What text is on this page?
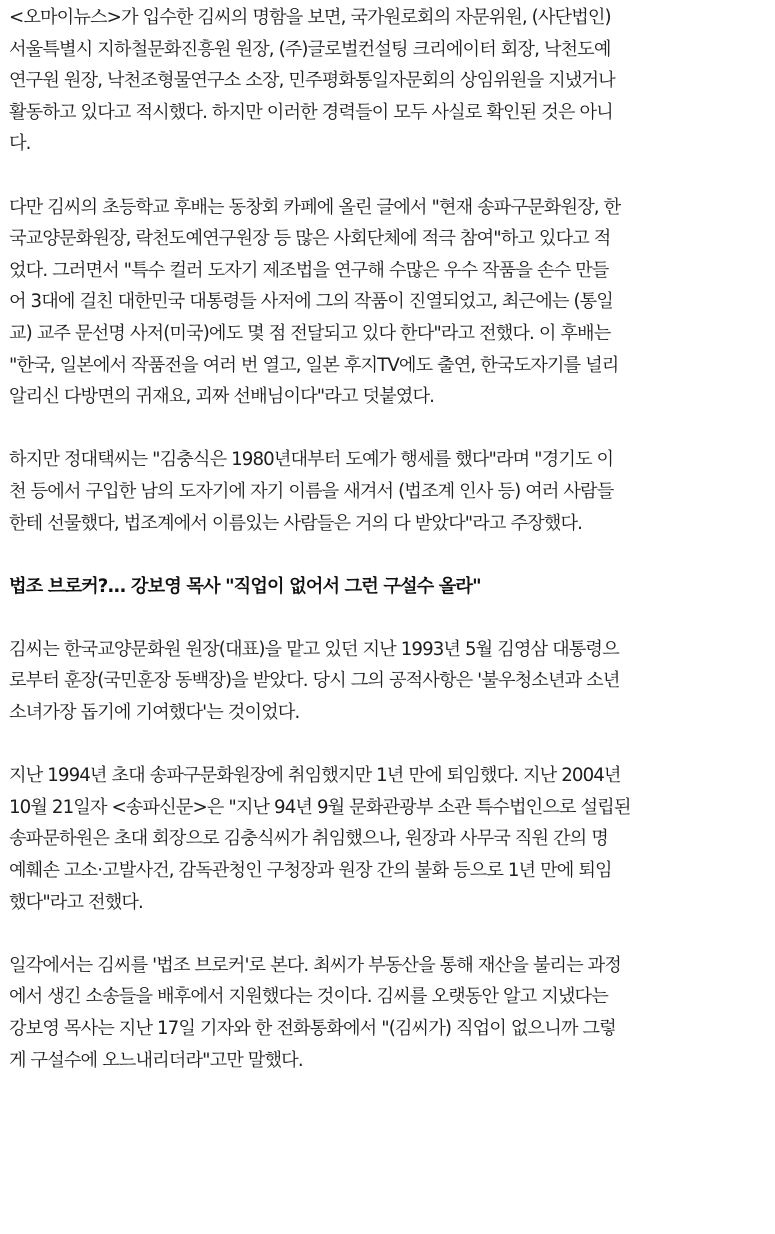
<오마이뉴스>가 입수한 김씨의 명함을 보면, 국가원로회의 자문위원, (사단법인)
서울특별시 지하철문화진흥원 원장, (주)글로벌컨설팅 크리에이터 회장, 낙천도예
연구원 원장, 낙천조형물연구소 소장, 민주평화통일자문회의 상임위원을 지냈거나
활동하고 있다고 적시했다. 하지만 이러한 경력들이 모두 사실로 확인된 것은 아니
다.

다만 김씨의 초등학교 후배는 동창회 카페에 올린 글에서 "현재 송파구문화원장, 한
국교양문화원장, 락천도예연구원장 등 많은 사회단체에 적극 참여"하고 있다고 적
었다. 그러면서 "특수 컬러 도자기 제조법을 연구해 수많은 우수 작품을 손수 만들
어 3대에 걸친 대한민국 대통령들 사저에 그의 작품이 진열되었고, 최근에는 (통일
교) 교주 문선명 사저(미국)에도 몇 점 전달되고 있다 한다"라고 전했다. 이 후배는
"한국, 일본에서 작품전을 여러 번 열고, 일본 후지TV에도 출연, 한국도자기를 널리
알리신 다방면의 귀재요, 괴짜 선배님이다"라고 덧붙였다.

하지만 정대택씨는 "김충식은 1980년대부터 도예가 행세를 했다"라며 "경기도 이
천 등에서 구입한 남의 도자기에 자기 이름을 새겨서 (법조계 인사 등) 여러 사람들
한테 선물했다, 법조계에서 이름있는 사람들은 거의 다 받았다"라고 주장했다.

법조 브로커?... 강보영 목사 "직업이 없어서 그런 구설수 올라"

김씨는 한국교양문화원 원장(대표)을 맡고 있던 지난 1993년 5월 김영삼 대통령으
로부터 훈장(국민훈장 동백장)을 받았다. 당시 그의 공적사항은 '불우청소년과 소년
소녀가장 돕기에 기여했다'는 것이었다.

지난 1994년 초대 송파구문화원장에 취임했지만 1년 만에 퇴임했다. 지난 2004년
10월 21일자 <송파신문>은 "지난 94년 9월 문화관광부 소관 특수법인으로 설립된
송파문하원은 초대 회장으로 김충식씨가 취임했으나, 원장과 사무국 직원 간의 명
예훼손 고소·고발사건, 감독관청인 구청장과 원장 간의 불화 등으로 1년 만에 퇴임
했다"라고 전했다.

일각에서는 김씨를 '법조 브로커'로 본다. 최씨가 부동산을 통해 재산을 불리는 과정
에서 생긴 소송들을 배후에서 지원했다는 것이다. 김씨를 오랫동안 알고 지냈다는
강보영 목사는 지난 17일 기자와 한 전화통화에서 "(김씨가) 직업이 없으니까 그렇
게 구설수에 오느내리더라"고만 말했다.
